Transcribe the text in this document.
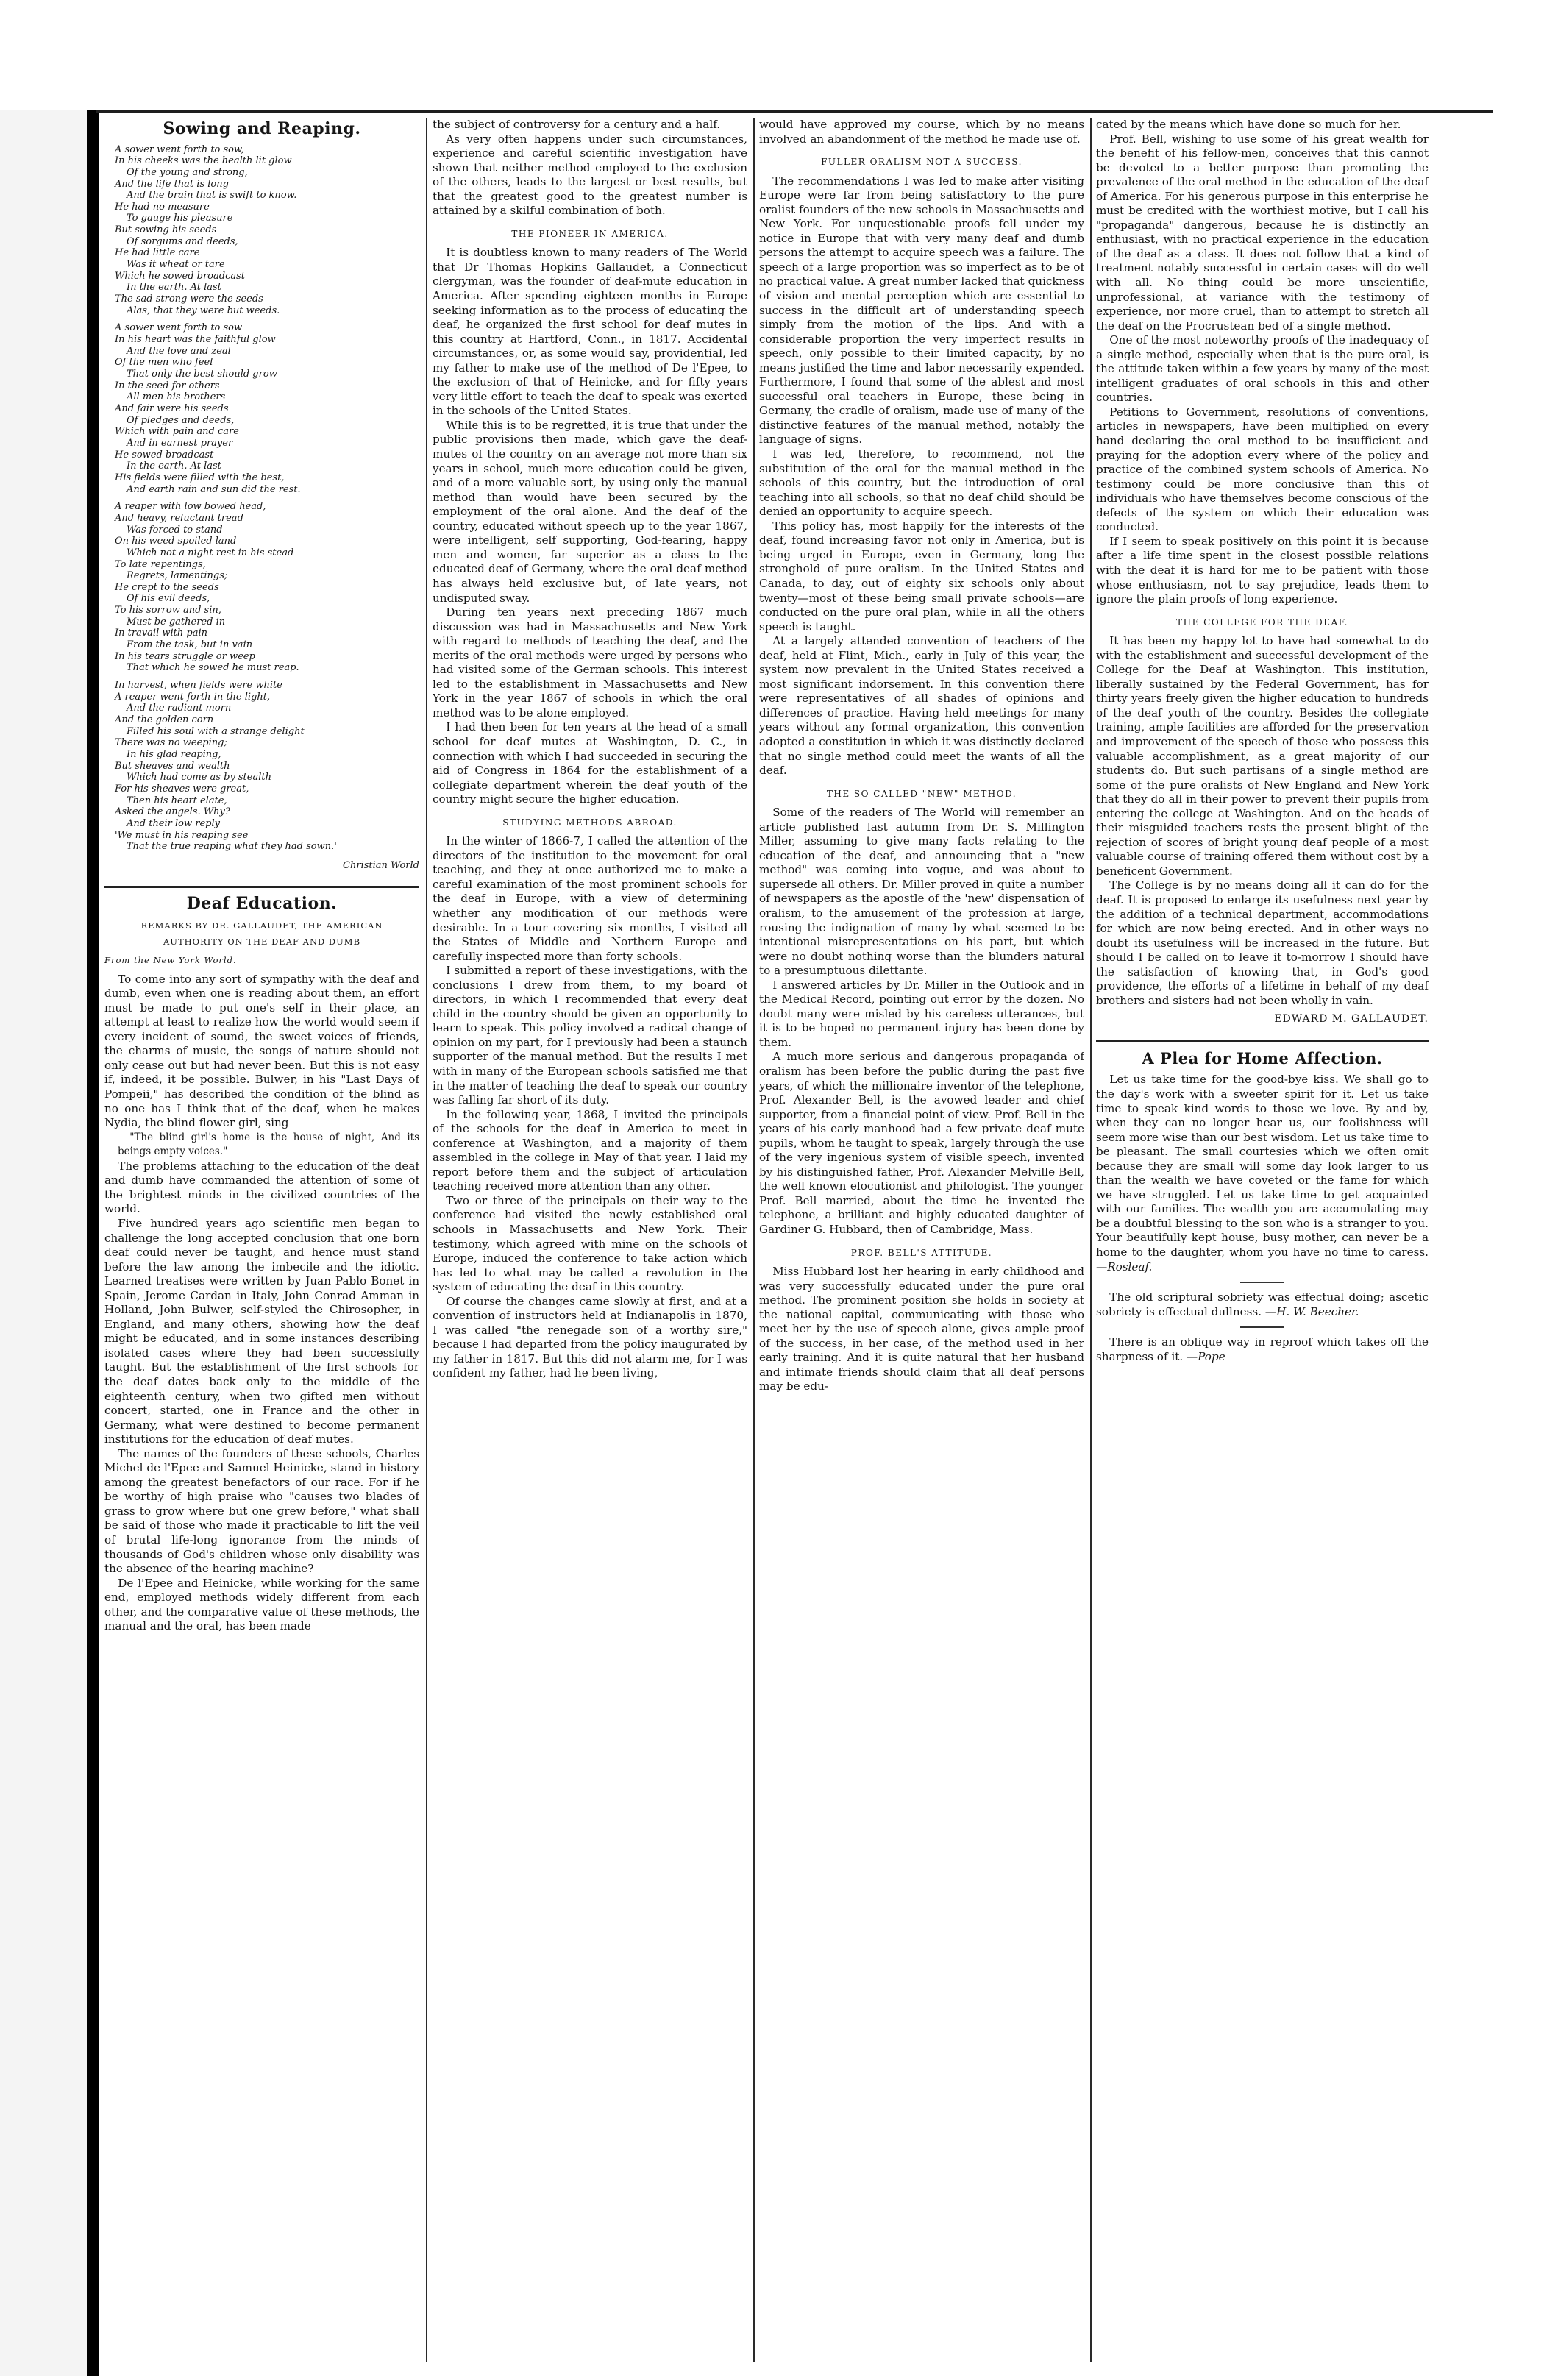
Sowing and Reaping.
A sower went forth to sow,
In his cheeks was the health lit glow
Of the young and strong,
And the life that is long
And the brain that is swift to know.
He had no measure
To gauge his pleasure
But sowing his seeds
Of sorgums and deeds,
He had little care
Was it wheat or tare
Which he sowed broadcast
In the earth. At last
The sad strong were the seeds
Alas, that they were but weeds.
A sower went forth to sow
In his heart was the faithful glow
And the love and zeal
Of the men who feel
That only the best should grow
In the seed for others
All men his brothers
And fair were his seeds
Of pledges and deeds,
Which with pain and care
And in earnest prayer
He sowed broadcast
In the earth. At last
His fields were filled with the best,
And earth rain and sun did the rest.
A reaper with low bowed head,
And heavy, reluctant tread
Was forced to stand
On his weed spoiled land
Which not a night rest in his stead
To late repentings,
Regrets, lamentings;
He crept to the seeds
Of his evil deeds,
To his sorrow and sin,
Must be gathered in
In travail with pain
From the task, but in vain
In his tears struggle or weep
That which he sowed he must reap.
In harvest, when fields were white
A reaper went forth in the light,
And the radiant morn
And the golden corn
Filled his soul with a strange delight
There was no weeping;
In his glad reaping,
But sheaves and wealth
Which had come as by stealth
For his sheaves were great,
Then his heart elate,
Asked the angels. Why?
And their low reply
'We must in his reaping see
That the true reaping what they had sown.'
Christian World
Deaf Education.
REMARKS BY DR. GALLAUDET, THE AMERICAN
AUTHORITY ON THE DEAF AND DUMB
From the New York World.

To come into any sort of sympathy with the deaf and dumb, even when one is reading about them, an effort must be made to put one's self in their place, an attempt at least to realize how the world would seem if every incident of sound, the sweet voices of friends, the charms of music, the songs of nature should not only cease out but had never been. But this is not easy if, indeed, it be possible. Bulwer, in his "Last Days of Pompeii," has described the condition of the blind as no one has I think that of the deaf, when he makes Nydia, the blind flower girl, sing

"The blind girl's home is the house of night, And its beings empty voices."

The problems attaching to the education of the deaf and dumb have commanded the attention of some of the brightest minds in the civilized countries of the world.

Five hundred years ago scientific men began to challenge the long accepted conclusion that one born deaf could never be taught, and hence must stand before the law among the imbecile and the idiotic. Learned treatises were written by Juan Pablo Bonet in Spain, Jerome Cardan in Italy, John Conrad Amman in Holland, John Bulwer, self-styled the Chirosopher, in England, and many others, showing how the deaf might be educated, and in some instances describing isolated cases where they had been successfully taught. But the establishment of the first schools for the deaf dates back only to the middle of the eighteenth century, when two gifted men without concert, started, one in France and the other in Germany, what were destined to become permanent institutions for the education of deaf mutes.

The names of the founders of these schools, Charles Michel de l'Epee and Samuel Heinicke, stand in history among the greatest benefactors of our race. For if he be worthy of high praise who "causes two blades of grass to grow where but one grew before," what shall be said of those who made it practicable to lift the veil of brutal life-long ignorance from the minds of thousands of God's children whose only disability was the absence of the hearing machine?

De l'Epee and Heinicke, while working for the same end, employed methods widely different from each other, and the comparative value of these methods, the manual and the oral, has been made

the subject of controversy for a century and a half.

As very often happens under such circumstances, experience and careful scientific investigation have shown that neither method employed to the exclusion of the others, leads to the largest or best results, but that the greatest good to the greatest number is attained by a skilful combination of both.

THE PIONEER IN AMERICA.

It is doubtless known to many readers of The World that Dr Thomas Hopkins Gallaudet, a Connecticut clergyman, was the founder of deaf-mute education in America. After spending eighteen months in Europe seeking information as to the process of educating the deaf, he organized the first school for deaf mutes in this country at Hartford, Conn., in 1817. Accidental circumstances, or, as some would say, providential, led my father to make use of the method of De l'Epee, to the exclusion of that of Heinicke, and for fifty years very little effort to teach the deaf to speak was exerted in the schools of the United States.

While this is to be regretted, it is true that under the public provisions then made, which gave the deaf-mutes of the country on an average not more than six years in school, much more education could be given, and of a more valuable sort, by using only the manual method than would have been secured by the employment of the oral alone. And the deaf of the country, educated without speech up to the year 1867, were intelligent, self supporting, God-fearing, happy men and women, far superior as a class to the educated deaf of Germany, where the oral deaf method has always held exclusive but, of late years, not undisputed sway.

During ten years next preceding 1867 much discussion was had in Massachusetts and New York with regard to methods of teaching the deaf, and the merits of the oral methods were urged by persons who had visited some of the German schools. This interest led to the establishment in Massachusetts and New York in the year 1867 of schools in which the oral method was to be alone employed.

I had then been for ten years at the head of a small school for deaf mutes at Washington, D. C., in connection with which I had succeeded in securing the aid of Congress in 1864 for the establishment of a collegiate department wherein the deaf youth of the country might secure the higher education.

STUDYING METHODS ABROAD.

In the winter of 1866-7, I called the attention of the directors of the institution to the movement for oral teaching, and they at once authorized me to make a careful examination of the most prominent schools for the deaf in Europe, with a view of determining whether any modification of our methods were desirable. In a tour covering six months, I visited all the States of Middle and Northern Europe and carefully inspected more than forty schools.

I submitted a report of these investigations, with the conclusions I drew from them, to my board of directors, in which I recommended that every deaf child in the country should be given an opportunity to learn to speak. This policy involved a radical change of opinion on my part, for I previously had been a staunch supporter of the manual method. But the results I met with in many of the European schools satisfied me that in the matter of teaching the deaf to speak our country was falling far short of its duty.

In the following year, 1868, I invited the principals of the schools for the deaf in America to meet in conference at Washington, and a majority of them assembled in the college in May of that year. I laid my report before them and the subject of articulation teaching received more attention than any other.

Two or three of the principals on their way to the conference had visited the newly established oral schools in Massachusetts and New York. Their testimony, which agreed with mine on the schools of Europe, induced the conference to take action which has led to what may be called a revolution in the system of educating the deaf in this country.

Of course the changes came slowly at first, and at a convention of instructors held at Indianapolis in 1870, I was called "the renegade son of a worthy sire," because I had departed from the policy inaugurated by my father in 1817. But this did not alarm me, for I was confident my father, had he been living,

would have approved my course, which by no means involved an abandonment of the method he made use of.

FULLER ORALISM NOT A SUCCESS.

The recommendations I was led to make after visiting Europe were far from being satisfactory to the pure oralist founders of the new schools in Massachusetts and New York. For unquestionable proofs fell under my notice in Europe that with very many deaf and dumb persons the attempt to acquire speech was a failure. The speech of a large proportion was so imperfect as to be of no practical value. A great number lacked that quickness of vision and mental perception which are essential to success in the difficult art of understanding speech simply from the motion of the lips. And with a considerable proportion the very imperfect results in speech, only possible to their limited capacity, by no means justified the time and labor necessarily expended. Furthermore, I found that some of the ablest and most successful oral teachers in Europe, these being in Germany, the cradle of oralism, made use of many of the distinctive features of the manual method, notably the language of signs.

I was led, therefore, to recommend, not the substitution of the oral for the manual method in the schools of this country, but the introduction of oral teaching into all schools, so that no deaf child should be denied an opportunity to acquire speech.

This policy has, most happily for the interests of the deaf, found increasing favor not only in America, but is being urged in Europe, even in Germany, long the stronghold of pure oralism. In the United States and Canada, to day, out of eighty six schools only about twenty—most of these being small private schools—are conducted on the pure oral plan, while in all the others speech is taught.

At a largely attended convention of teachers of the deaf, held at Flint, Mich., early in July of this year, the system now prevalent in the United States received a most significant indorsement. In this convention there were representatives of all shades of opinions and differences of practice. Having held meetings for many years without any formal organization, this convention adopted a constitution in which it was distinctly declared that no single method could meet the wants of all the deaf.

THE SO CALLED "NEW" METHOD.

Some of the readers of The World will remember an article published last autumn from Dr. S. Millington Miller, assuming to give many facts relating to the education of the deaf, and announcing that a "new method" was coming into vogue, and was about to supersede all others. Dr. Miller proved in quite a number of newspapers as the apostle of the 'new' dispensation of oralism, to the amusement of the profession at large, rousing the indignation of many by what seemed to be intentional misrepresentations on his part, but which were no doubt nothing worse than the blunders natural to a presumptuous dilettante.

I answered articles by Dr. Miller in the Outlook and in the Medical Record, pointing out error by the dozen. No doubt many were misled by his careless utterances, but it is to be hoped no permanent injury has been done by them.

A much more serious and dangerous propaganda of oralism has been before the public during the past five years, of which the millionaire inventor of the telephone, Prof. Alexander Bell, is the avowed leader and chief supporter, from a financial point of view. Prof. Bell in the years of his early manhood had a few private deaf mute pupils, whom he taught to speak, largely through the use of the very ingenious system of visible speech, invented by his distinguished father, Prof. Alexander Melville Bell, the well known elocutionist and philologist. The younger Prof. Bell married, about the time he invented the telephone, a brilliant and highly educated daughter of Gardiner G. Hubbard, then of Cambridge, Mass.

PROF. BELL'S ATTITUDE.

Miss Hubbard lost her hearing in early childhood and was very successfully educated under the pure oral method. The prominent position she holds in society at the national capital, communicating with those who meet her by the use of speech alone, gives ample proof of the success, in her case, of the method used in her early training. And it is quite natural that her husband and intimate friends should claim that all deaf persons may be edu-

cated by the means which have done so much for her.

Prof. Bell, wishing to use some of his great wealth for the benefit of his fellow-men, conceives that this cannot be devoted to a better purpose than promoting the prevalence of the oral method in the education of the deaf of America. For his generous purpose in this enterprise he must be credited with the worthiest motive, but I call his "propaganda" dangerous, because he is distinctly an enthusiast, with no practical experience in the education of the deaf as a class. It does not follow that a kind of treatment notably successful in certain cases will do well with all. No thing could be more unscientific, unprofessional, at variance with the testimony of experience, nor more cruel, than to attempt to stretch all the deaf on the Procrustean bed of a single method.

One of the most noteworthy proofs of the inadequacy of a single method, especially when that is the pure oral, is the attitude taken within a few years by many of the most intelligent graduates of oral schools in this and other countries.

Petitions to Government, resolutions of conventions, articles in newspapers, have been multiplied on every hand declaring the oral method to be insufficient and praying for the adoption every where of the policy and practice of the combined system schools of America. No testimony could be more conclusive than this of individuals who have themselves become conscious of the defects of the system on which their education was conducted.

If I seem to speak positively on this point it is because after a life time spent in the closest possible relations with the deaf it is hard for me to be patient with those whose enthusiasm, not to say prejudice, leads them to ignore the plain proofs of long experience.

THE COLLEGE FOR THE DEAF.

It has been my happy lot to have had somewhat to do with the establishment and successful development of the College for the Deaf at Washington. This institution, liberally sustained by the Federal Government, has for thirty years freely given the higher education to hundreds of the deaf youth of the country. Besides the collegiate training, ample facilities are afforded for the preservation and improvement of the speech of those who possess this valuable accomplishment, as a great majority of our students do. But such partisans of a single method are some of the pure oralists of New England and New York that they do all in their power to prevent their pupils from entering the college at Washington. And on the heads of their misguided teachers rests the present blight of the rejection of scores of bright young deaf people of a most valuable course of training offered them without cost by a beneficent Government.

The College is by no means doing all it can do for the deaf. It is proposed to enlarge its usefulness next year by the addition of a technical department, accommodations for which are now being erected. And in other ways no doubt its usefulness will be increased in the future. But should I be called on to leave it to-morrow I should have the satisfaction of knowing that, in God's good providence, the efforts of a lifetime in behalf of my deaf brothers and sisters had not been wholly in vain.

EDWARD M. GALLAUDET.
A Plea for Home Affection.

Let us take time for the good-bye kiss. We shall go to the day's work with a sweeter spirit for it. Let us take time to speak kind words to those we love. By and by, when they can no longer hear us, our foolishness will seem more wise than our best wisdom. Let us take time to be pleasant. The small courtesies which we often omit because they are small will some day look larger to us than the wealth we have coveted or the fame for which we have struggled. Let us take time to get acquainted with our families. The wealth you are accumulating may be a doubtful blessing to the son who is a stranger to you. Your beautifully kept house, busy mother, can never be a home to the daughter, whom you have no time to caress. —Rosleaf.

The old scriptural sobriety was effectual doing; ascetic sobriety is effectual dullness. —H. W. Beecher.

There is an oblique way in reproof which takes off the sharpness of it. —Pope
